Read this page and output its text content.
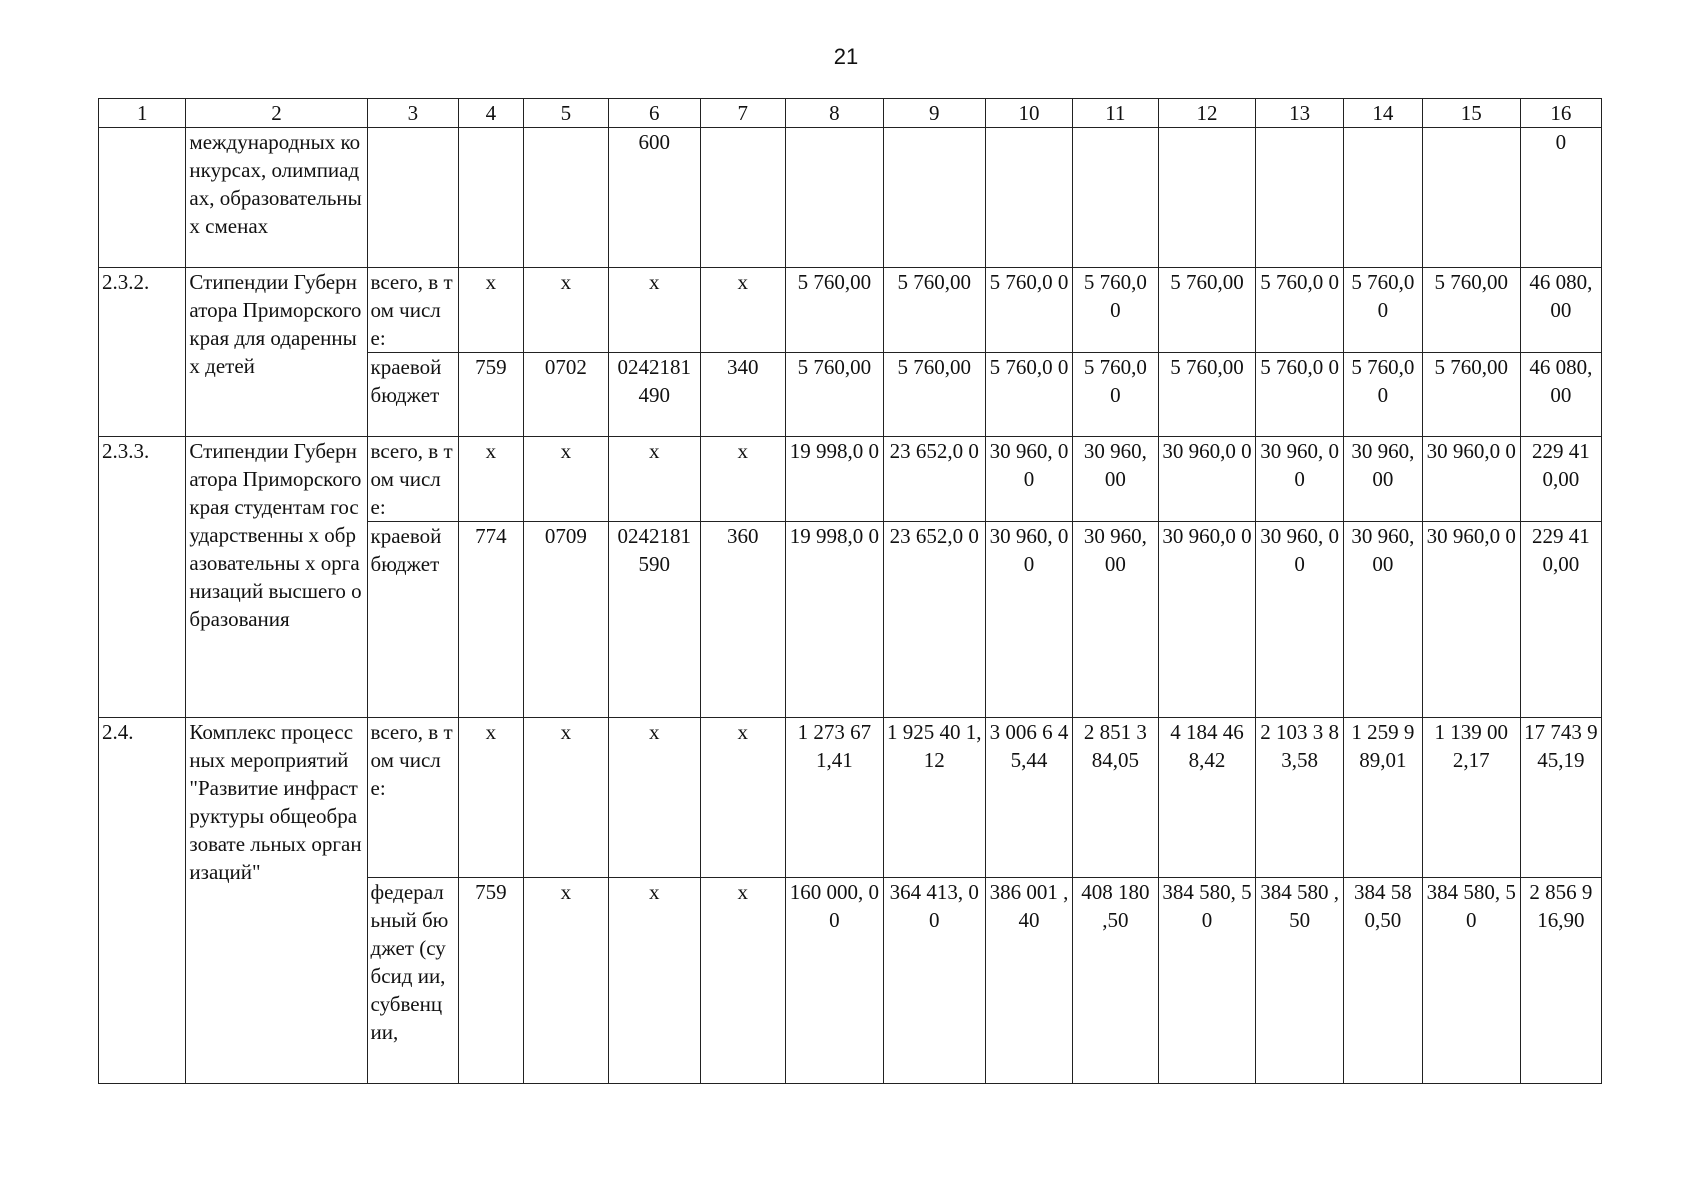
21
1	2	3	4	5	6	7	8	9	10	11	12	13	14	15	16
	международных конкурсах, олимпиадах, образовательны х сменах				600										0
2.3.2.	Стипендии Губернатора Приморского края для одаренных детей	всего, в том числе:	x	x	x	x	5 760,00	5 760,00	5 760,0 0	5 760,0 0	5 760,00	5 760,0 0	5 760,0 0	5 760,00	46 080, 00
		краевой бюджет	759	0702	0242181 490	340	5 760,00	5 760,00	5 760,0 0	5 760,0 0	5 760,00	5 760,0 0	5 760,0 0	5 760,00	46 080, 00
2.3.3.	Стипендии Губернатора Приморского края студентам государственны х образовательны х организаций высшего образования	всего, в том числе:	x	x	x	x	19 998,0 0	23 652,0 0	30 960, 00	30 960, 00	30 960,0 0	30 960, 00	30 960, 00	30 960,0 0	229 41 0,00
		краевой бюджет	774	0709	0242181 590	360	19 998,0 0	23 652,0 0	30 960, 00	30 960, 00	30 960,0 0	30 960, 00	30 960, 00	30 960,0 0	229 41 0,00
2.4.	Комплекс процессных мероприятий "Развитие инфраструктуры общеобразовате льных организаций"	всего, в том числе:	x	x	x	x	1 273 67 1,41	1 925 40 1,12	3 006 6 45,44	2 851 3 84,05	4 184 46 8,42	2 103 3 83,58	1 259 9 89,01	1 139 00 2,17	17 743 945,19
		федерал ьный бюджет (субсид ии, субвенц ии,	759	x	x	x	160 000, 00	364 413, 00	386 001 ,40	408 180 ,50	384 580, 50	384 580 ,50	384 58 0,50	384 580, 50	2 856 9 16,90
